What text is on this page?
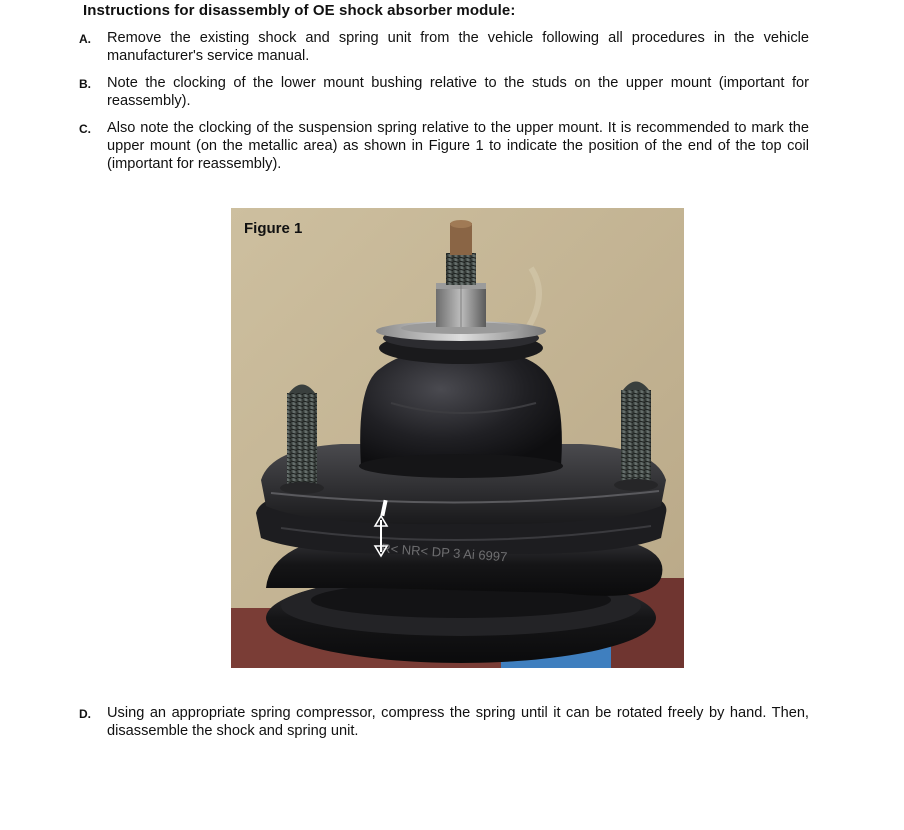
Instructions for disassembly of OE shock absorber module:
A. Remove the existing shock and spring unit from the vehicle following all procedures in the vehicle manufacturer's service manual.
B. Note the clocking of the lower mount bushing relative to the studs on the upper mount (important for reassembly).
C. Also note the clocking of the suspension spring relative to the upper mount. It is recommended to mark the upper mount (on the metallic area) as shown in Figure 1 to indicate the position of the end of the top coil (important for reassembly).
R< NR< DP 3 Ai 6997
Figure 1
D. Using an appropriate spring compressor, compress the spring until it can be rotated freely by hand. Then, disassemble the shock and spring unit.
